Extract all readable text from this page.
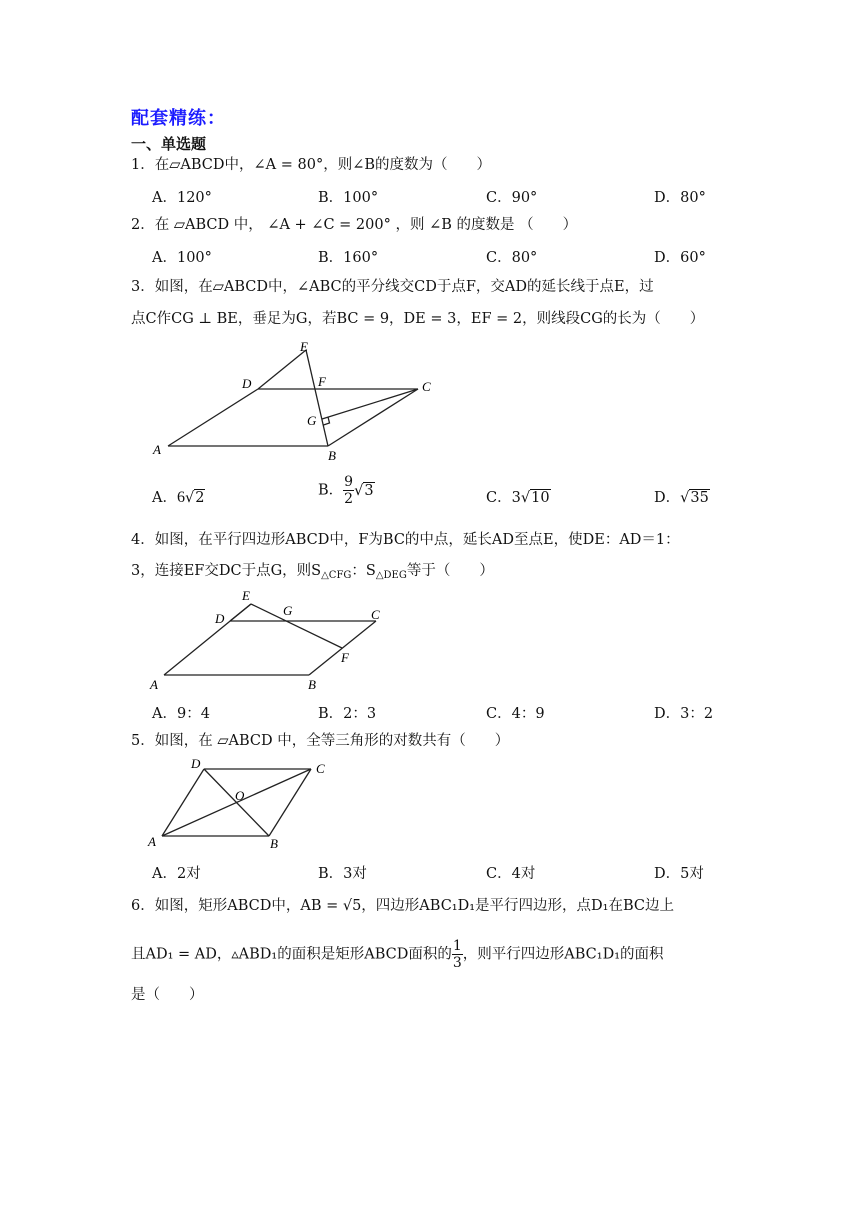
配套精练：
一、单选题
1．在▱ABCD中，∠A = 80°，则∠B的度数为（　　）
A．120°	B．100°	C．90°	D．80°
2．在 ▱ABCD 中， ∠A + ∠C = 200° ，则 ∠B 的度数是 （　　）
A．100°	B．160°	C．80°	D．60°
3．如图，在▱ABCD中，∠ABC的平分线交CD于点F，交AD的延长线于点E，过
点C作CG ⊥ BE，垂足为G，若BC = 9，DE = 3，EF = 2，则线段CG的长为（　　）
E
D	F	C
G
A	B
A．6√2	B． $\frac{9}{2} √3$	C．3√10	D．√35
4．如图，在平行四边形ABCD中，F为BC的中点，延长AD至点E，使DE：AD＝1：
3，连接EF交DC于点G，则$S_{\triangle CFG}$：$S_{\triangle DEG}$等于（　　）
E
G	C
D
F
A	B
A．9：4	B．2：3	C．4：9	D．3：2
5．如图，在 ▱ABCD 中，全等三角形的对数共有（　　）
D	C
O
A	B
A．2对	B．3对	C．4对	D．5对
6．如图，矩形ABCD中，AB = √5，四边形ABC₁D₁是平行四边形，点D₁在BC边上
且AD₁ = AD，▵ABD₁的面积是矩形ABCD面积的 $\frac{1}{3}$ ，则平行四边形ABC₁D₁的面积
是（　　）
